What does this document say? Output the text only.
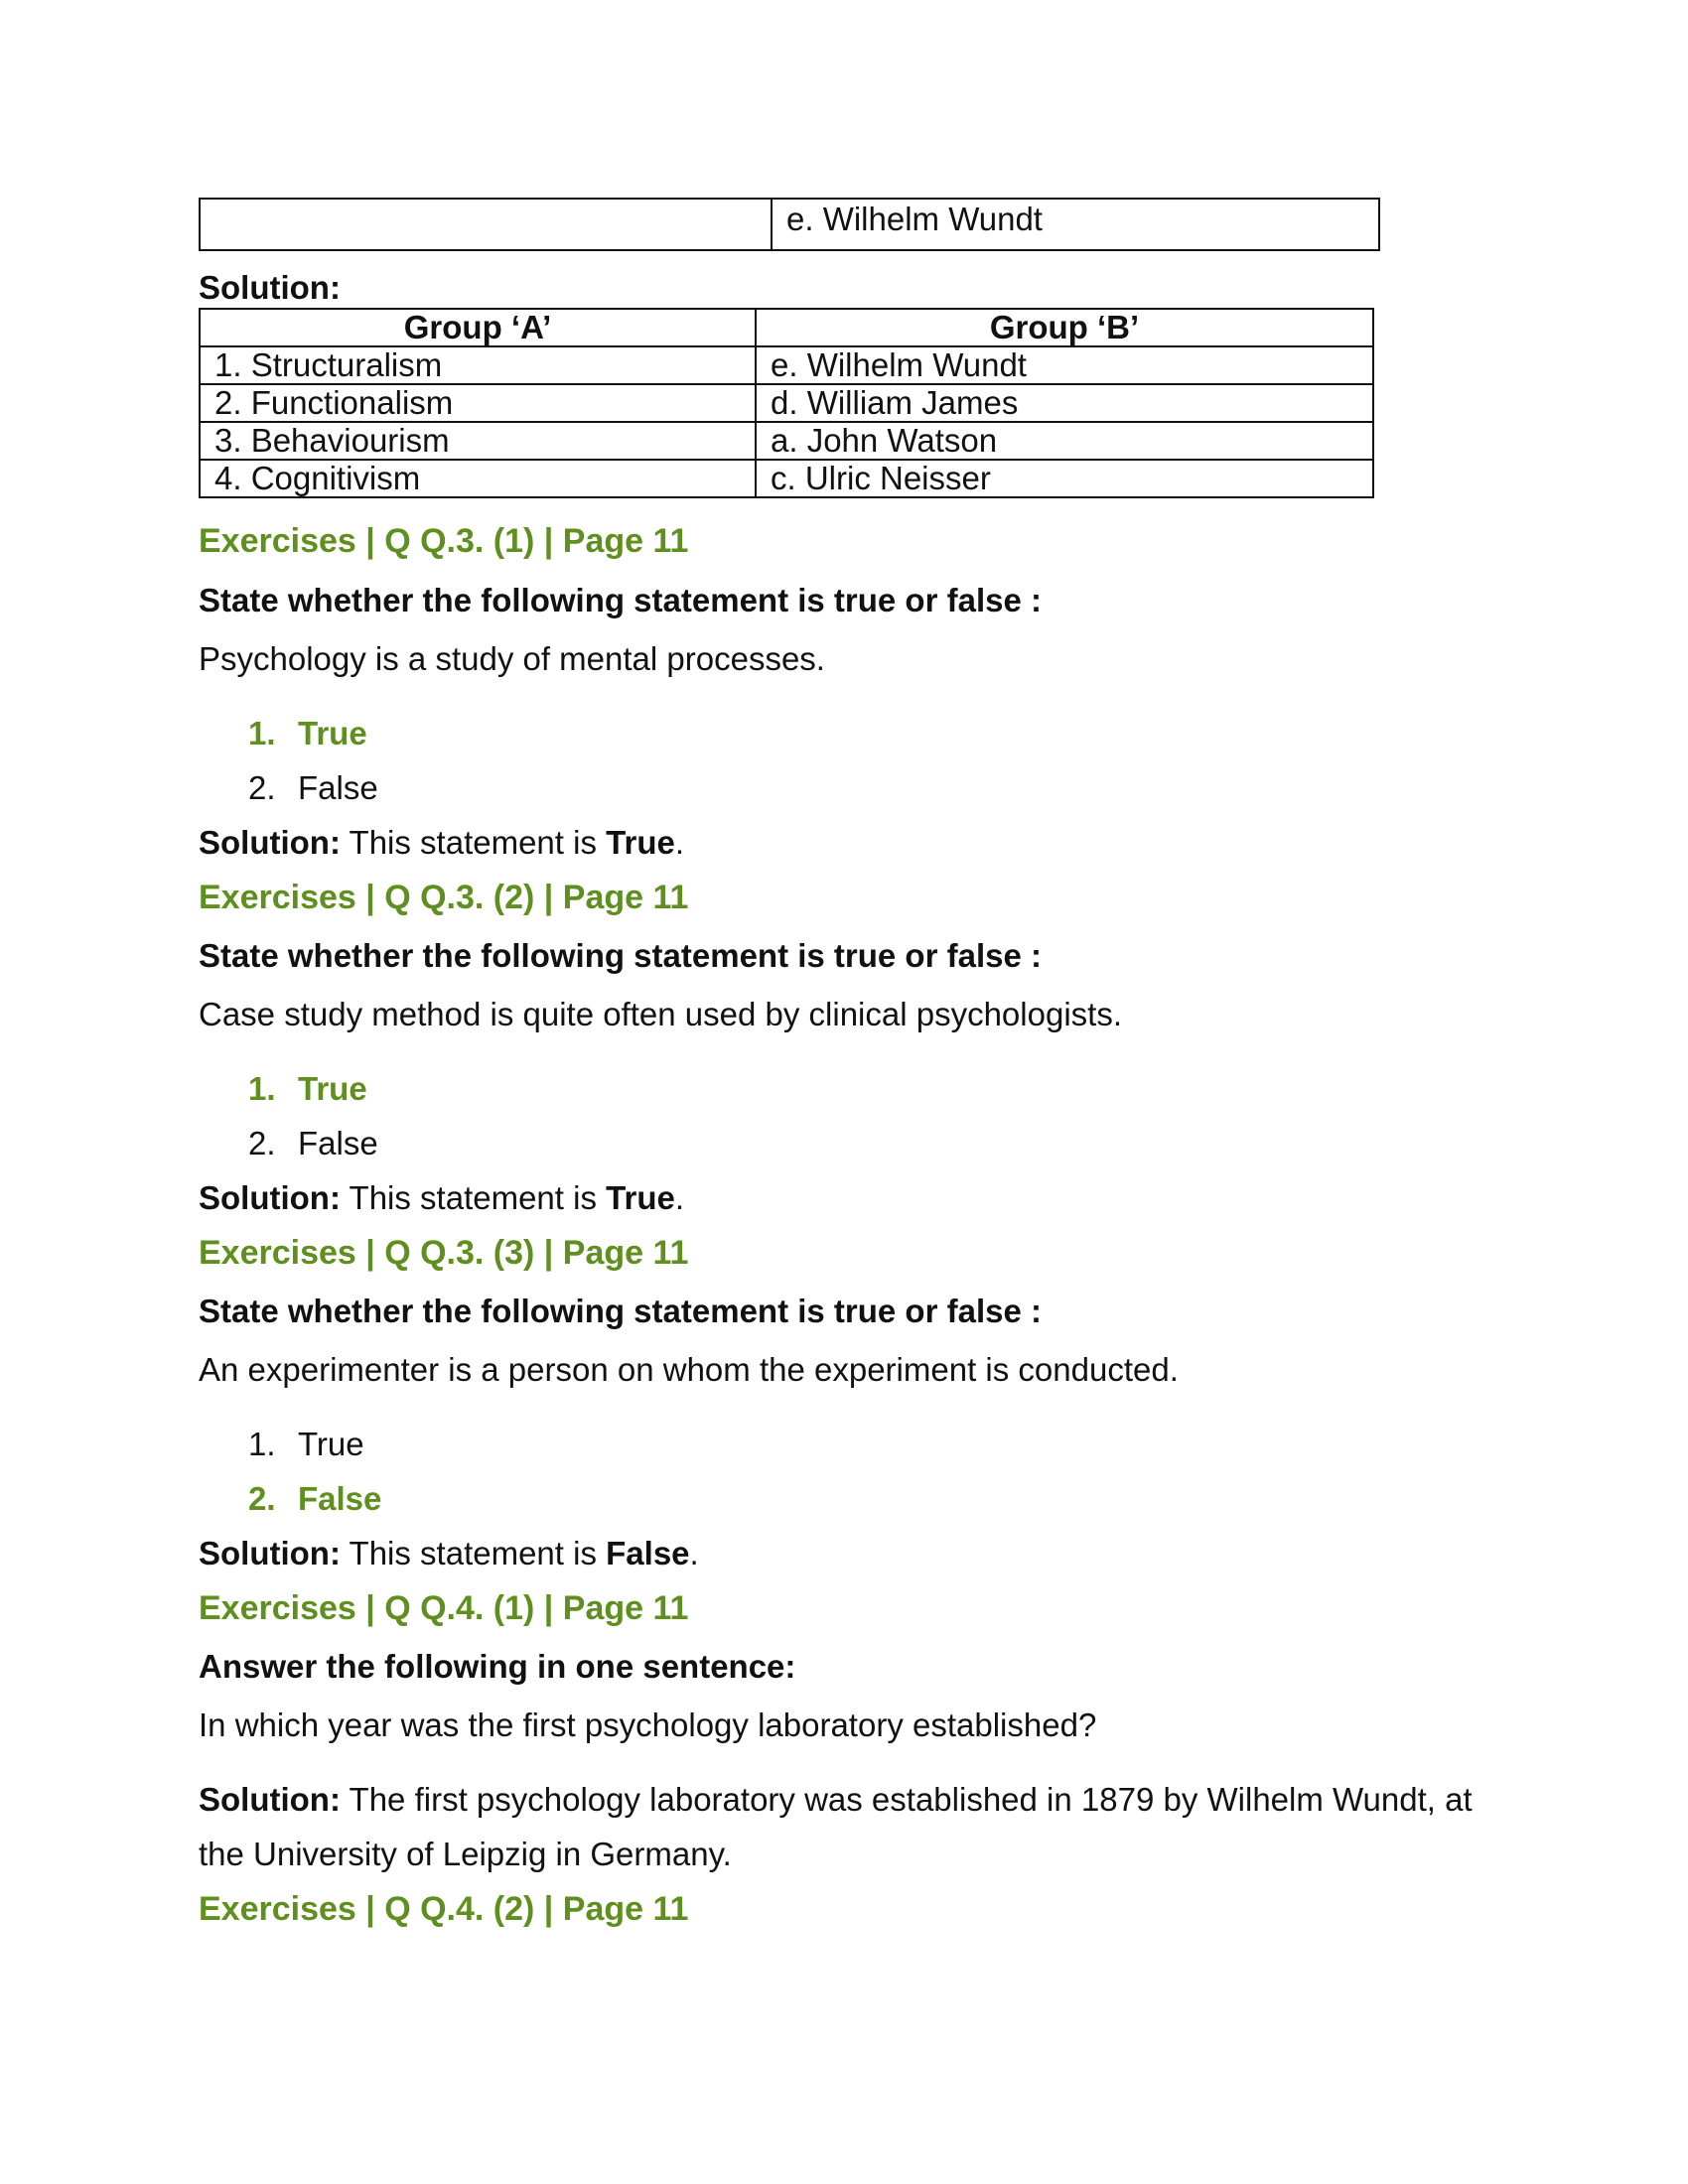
	e. Wilhelm Wundt
Solution:
Group ‘A’	Group ‘B’
1. Structuralism	e. Wilhelm Wundt
2. Functionalism	d. William James
3. Behaviourism	a. John Watson
4. Cognitivism	c. Ulric Neisser
Exercises | Q Q.3. (1) | Page 11
State whether the following statement is true or false :
Psychology is a study of mental processes.
1. True
2. False
Solution: This statement is True.
Exercises | Q Q.3. (2) | Page 11
State whether the following statement is true or false :
Case study method is quite often used by clinical psychologists.
1. True
2. False
Solution: This statement is True.
Exercises | Q Q.3. (3) | Page 11
State whether the following statement is true or false :
An experimenter is a person on whom the experiment is conducted.
1. True
2. False
Solution: This statement is False.
Exercises | Q Q.4. (1) | Page 11
Answer the following in one sentence:
In which year was the first psychology laboratory established?
Solution: The first psychology laboratory was established in 1879 by Wilhelm Wundt, at
the University of Leipzig in Germany.
Exercises | Q Q.4. (2) | Page 11
